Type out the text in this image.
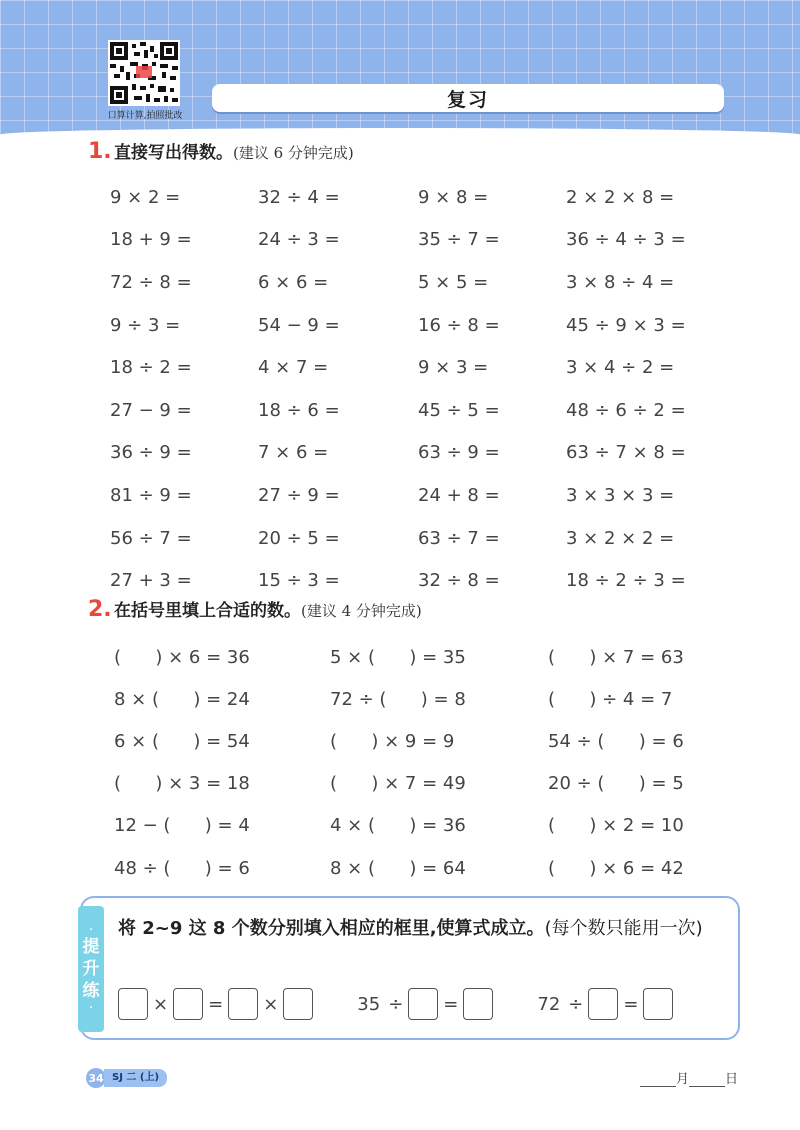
口算计算,拍照批改
复习
1. 直接写出得数。 (建议 6 分钟完成)
9 × 2 =	32 ÷ 4 =	9 × 8 =	2 × 2 × 8 =
18 + 9 =	24 ÷ 3 =	35 ÷ 7 =	36 ÷ 4 ÷ 3 =
72 ÷ 8 =	6 × 6 =	5 × 5 =	3 × 8 ÷ 4 =
9 ÷ 3 =	54 − 9 =	16 ÷ 8 =	45 ÷ 9 × 3 =
18 ÷ 2 =	4 × 7 =	9 × 3 =	3 × 4 ÷ 2 =
27 − 9 =	18 ÷ 6 =	45 ÷ 5 =	48 ÷ 6 ÷ 2 =
36 ÷ 9 =	7 × 6 =	63 ÷ 9 =	63 ÷ 7 × 8 =
81 ÷ 9 =	27 ÷ 9 =	24 + 8 =	3 × 3 × 3 =
56 ÷ 7 =	20 ÷ 5 =	63 ÷ 7 =	3 × 2 × 2 =
27 + 3 =	15 ÷ 3 =	32 ÷ 8 =	18 ÷ 2 ÷ 3 =
2. 在括号里填上合适的数。 (建议 4 分钟完成)
(      ) × 6 = 36	5 × (      ) = 35	(      ) × 7 = 63
8 × (      ) = 24	72 ÷ (      ) = 8	(      ) ÷ 4 = 7
6 × (      ) = 54	(      ) × 9 = 9	54 ÷ (      ) = 6
(      ) × 3 = 18	(      ) × 7 = 49	20 ÷ (      ) = 5
12 − (      ) = 4	4 × (      ) = 36	(      ) × 2 = 10
48 ÷ (      ) = 6	8 × (      ) = 64	(      ) × 6 = 42
·
提
升
练
·
将 2~9 这 8 个数分别填入相应的框里,使算式成立。(每个数只能用一次)
× = ×	35 ÷ =	72 ÷ =
34 SJ 二 (上)	月	日
